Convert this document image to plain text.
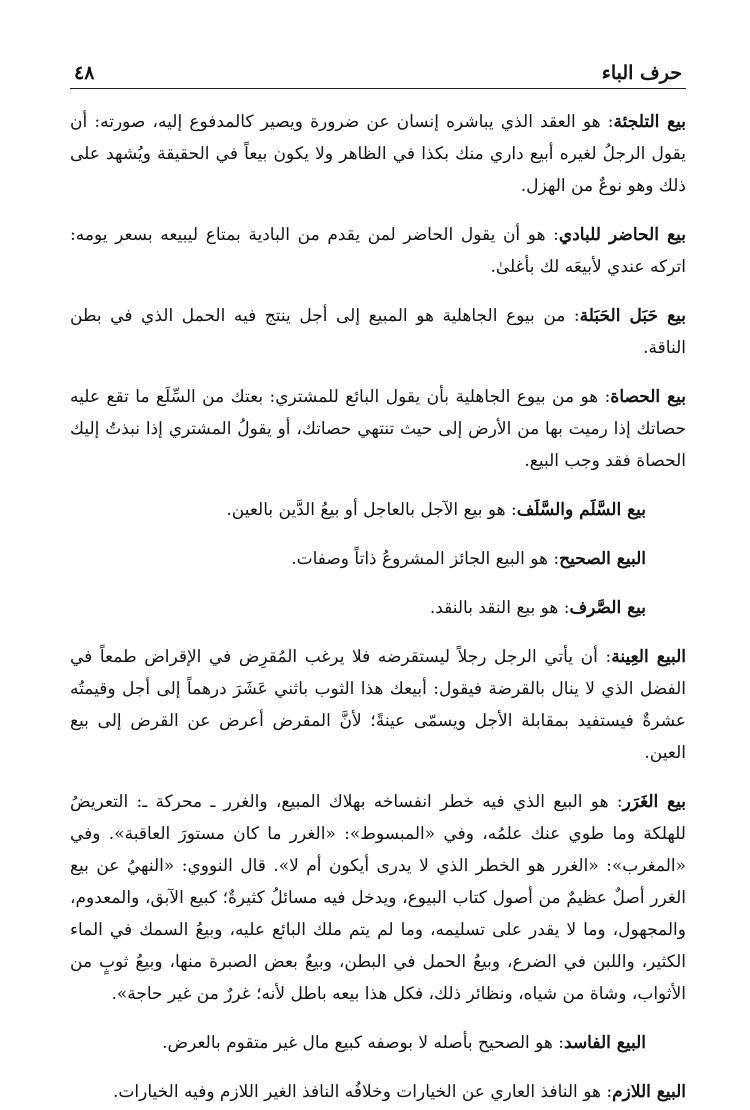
حرف الباء
٤٨

بيع التلجئة: هو العقد الذي يباشره إنسان عن ضرورة ويصير كالمدفوع إليه، صورته: أن يقول الرجلُ لغيره أبيع داري منك بكذا في الظاهر ولا يكون بيعاً في الحقيقة ويُشهد على ذلك وهو نوعٌ من الهزل.

بيع الحاضر للبادي: هو أن يقول الحاضر لمن يقدم من البادية بمتاع ليبيعه بسعر يومه: اتركه عندي لأبيعَه لك بأغلىٰ.

بيع حَبَل الحَبَلة: من بيوع الجاهلية هو المبيع إلى أجل ينتج فيه الحمل الذي في بطن الناقة.

بيع الحصاة: هو من بيوع الجاهلية بأن يقول البائع للمشتري: بعتك من السِّلَع ما تقع عليه حصاتك إذا رميت بها من الأرض إلى حيث تنتهي حصاتك، أو يقولُ المشتري إذا نبذتُ إليك الحصاة فقد وجب البيع.

بيع السَّلَم والسَّلَف: هو بيع الآجل بالعاجل أو بيعُ الدَّين بالعين.

البيع الصحيح: هو البيع الجائز المشروعُ ذاتاً وصفات.

بيع الصَّرف: هو بيع النقد بالنقد.

البيع العِينة: أن يأتي الرجل رجلاً ليستقرضه فلا يرغب المُقرِض في الإقراض طمعاً في الفضل الذي لا ينال بالقرضة فيقول: أبيعك هذا الثوب باثني عَشَرَ درهماً إلى أجل وقيمتُه عشرةٌ فيستفيد بمقابلة الأجل ويسمّى عينةً؛ لأنَّ المقرض أعرض عن القرض إلى بيع العين.

بيع الغَرَر: هو البيع الذي فيه خطر انفساخه بهلاك المبيع، والغرر ـ محركة ـ: التعريضُ للهلكة وما طوي عنك علمُه، وفي «المبسوط»: «الغرر ما كان مستورَ العاقبة». وفي «المغرب»: «الغرر هو الخطر الذي لا يدرى أيكون أم لا». قال النووي: «النهيُ عن بيع الغرر أصلٌ عظيمٌ من أصول كتاب البيوع، ويدخل فيه مسائلُ كثيرةٌ؛ كبيع الآبق، والمعدوم، والمجهول، وما لا يقدر على تسليمه، وما لم يتم ملك البائع عليه، وبيعُ السمك في الماء الكثير، واللبن في الضرع، وبيعُ الحمل في البطن، وبيعُ بعض الصبرة منها، وبيعُ ثوبٍ من الأثواب، وشاة من شياه، ونظائر ذلك، فكل هذا بيعه باطل لأنه؛ غررٌ من غير حاجة».

البيع الفاسد: هو الصحيح بأصله لا بوصفه كبيع مال غير متقوم بالعرض.

البيع اللازم: هو النافذ العاري عن الخيارات وخلافُه النافذ الغير اللازم وفيه الخيارات.
